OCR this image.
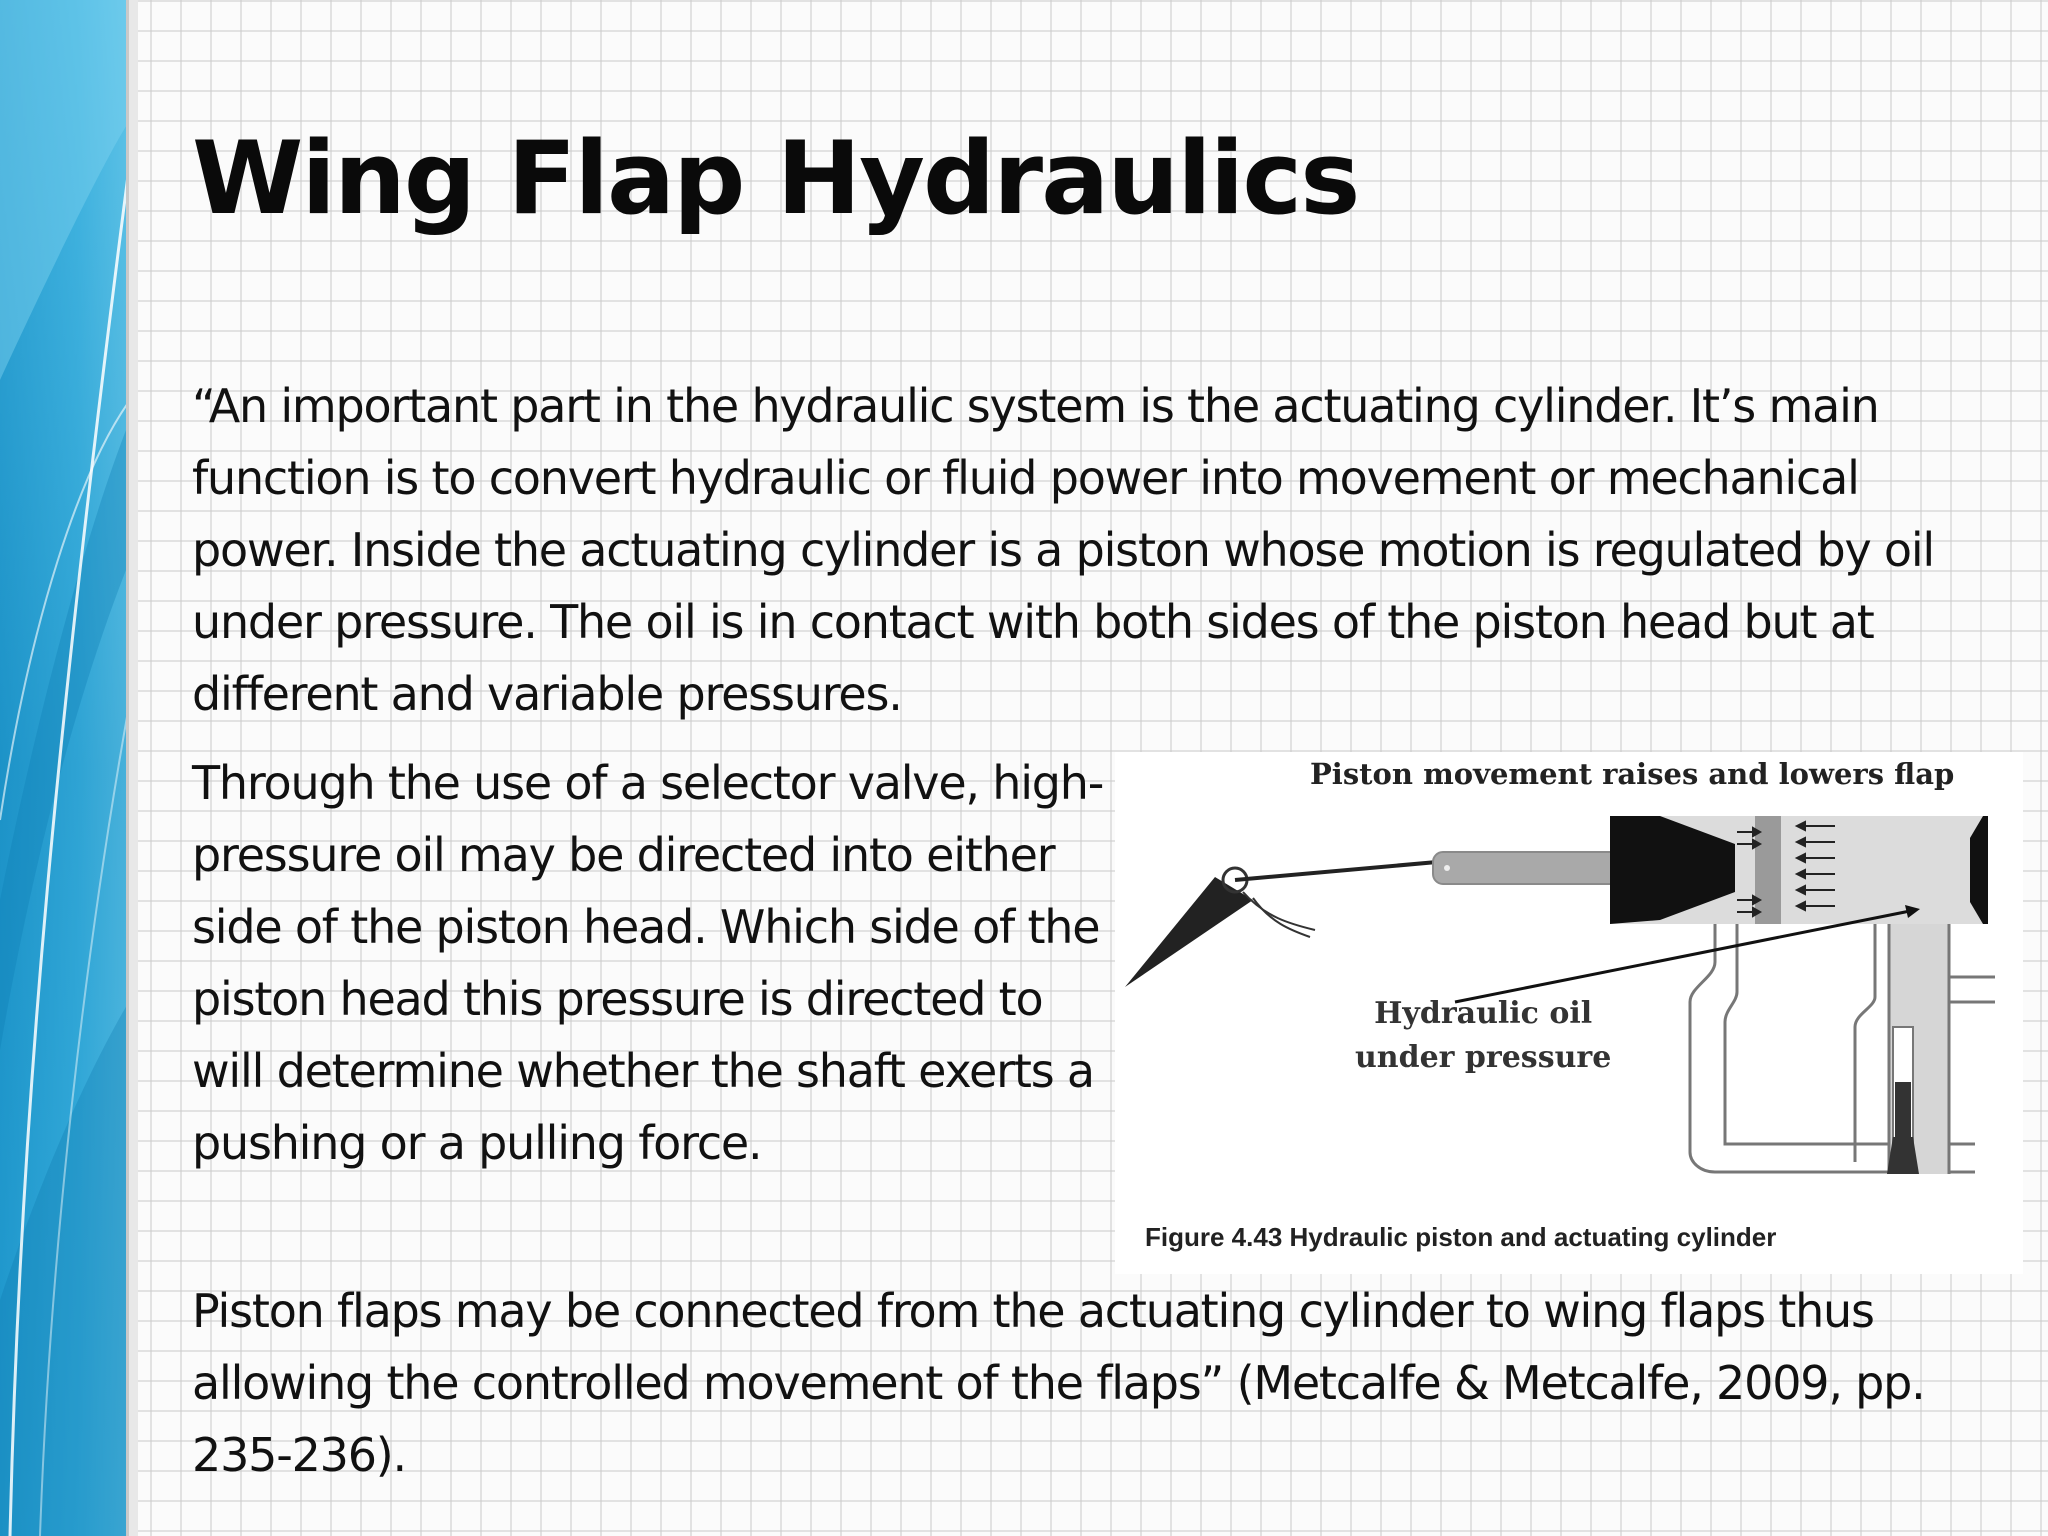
Wing Flap Hydraulics

“An important part in the hydraulic system is the actuating cylinder. It’s main function is to convert hydraulic or fluid power into movement or mechanical power. Inside the actuating cylinder is a piston whose motion is regulated by oil under pressure. The oil is in contact with both sides of the piston head but at different and variable pressures.

Through the use of a selector valve, high-pressure oil may be directed into either side of the piston head. Which side of the piston head this pressure is directed to will determine whether the shaft exerts a pushing or a pulling force.

Piston movement raises and lowers flap

Hydraulic oil
under pressure

Figure 4.43 Hydraulic piston and actuating cylinder

Piston flaps may be connected from the actuating cylinder to wing flaps thus allowing the controlled movement of the flaps” (Metcalfe & Metcalfe, 2009, pp. 235-236).
